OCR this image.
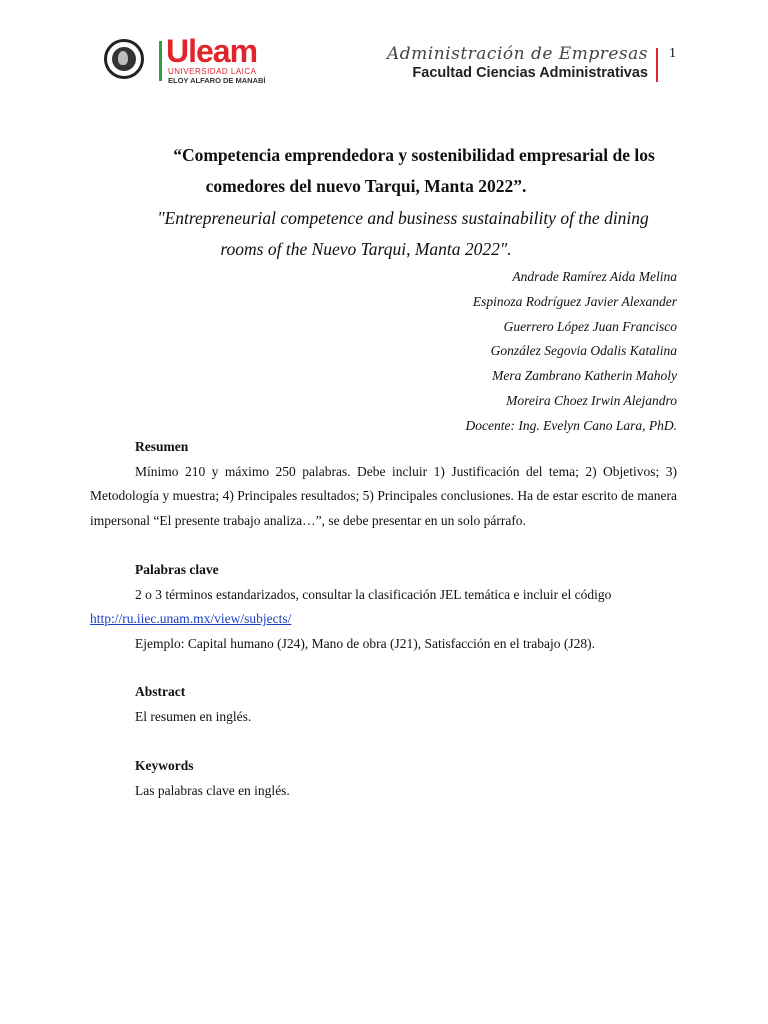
Uleam
UNIVERSIDAD LAICA
ELOY ALFARO DE MANABÍ
Administración de Empresas
Facultad Ciencias Administrativas
1
“Competencia emprendedora y sostenibilidad empresarial de los
comedores del nuevo Tarqui, Manta 2022”.
"Entrepreneurial competence and business sustainability of the dining
rooms of the Nuevo Tarqui, Manta 2022".
Andrade Ramírez Aida Melina
Espinoza Rodríguez Javier Alexander
Guerrero López Juan Francisco
González Segovia Odalis Katalina
Mera Zambrano Katherin Maholy
Moreira Choez Irwin Alejandro
Docente: Ing. Evelyn Cano Lara, PhD.
Resumen
Mínimo 210 y máximo 250 palabras. Debe incluir 1) Justificación del tema; 2) Objetivos; 3) Metodología y muestra; 4) Principales resultados; 5) Principales conclusiones. Ha de estar escrito de manera impersonal “El presente trabajo analiza…”, se debe presentar en un solo párrafo.
Palabras clave
2 o 3 términos estandarizados, consultar la clasificación JEL temática e incluir el código
http://ru.iiec.unam.mx/view/subjects/
Ejemplo: Capital humano (J24), Mano de obra (J21), Satisfacción en el trabajo (J28).
Abstract
El resumen en inglés.
Keywords
Las palabras clave en inglés.
